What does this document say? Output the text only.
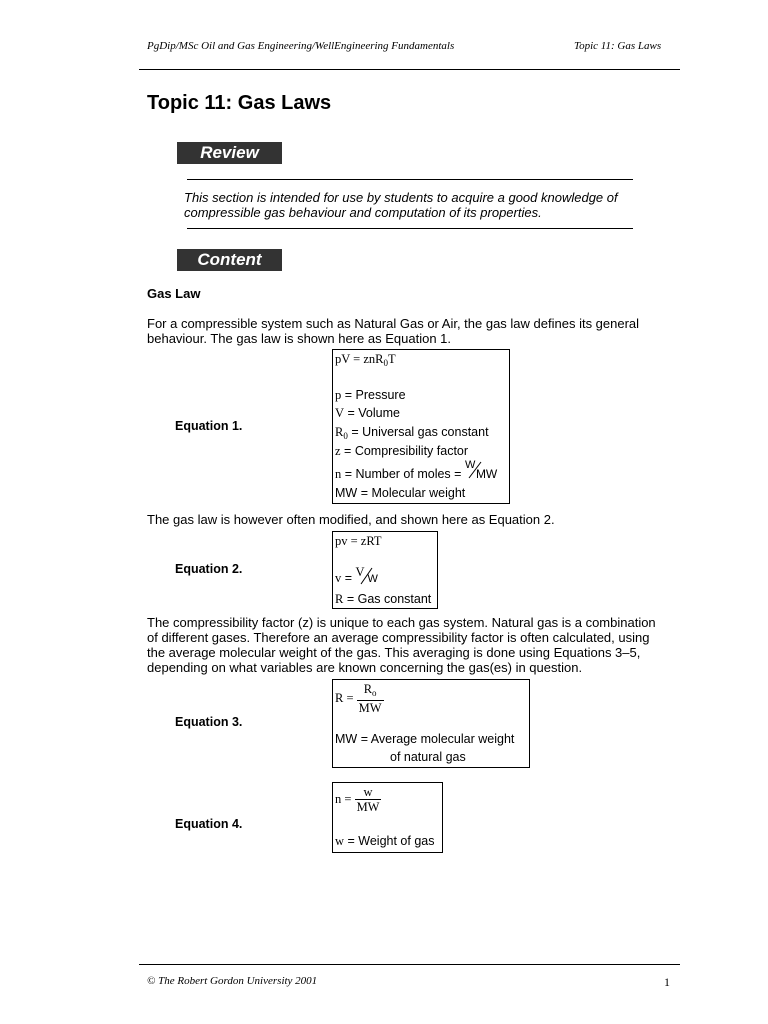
PgDip/MSc Oil and Gas Engineering/WellEngineering Fundamentals	Topic 11: Gas Laws
Topic 11: Gas Laws
Review
This section is intended for use by students to acquire a good knowledge of
compressible gas behaviour and computation of its properties.
Content
Gas Law
For a compressible system such as Natural Gas or Air, the gas law defines its general
behaviour. The gas law is shown here as Equation 1.
Equation 1.
pV = znR$_0$T
p = Pressure
V = Volume
$R_0$ = Universal gas constant
z = Compresibility factor
n = Number of moles =
W
MW
MW = Molecular weight
The gas law is however often modified, and shown here as Equation 2.
Equation 2.
pv = zRT
v = V W
R = Gas constant
The compressibility factor (z) is unique to each gas system. Natural gas is a combination
of different gases. Therefore an average compressibility factor is often calculated, using
the average molecular weight of the gas. This averaging is done using Equations 3–5,
depending on what variables are known concerning the gas(es) in question.
Equation 3.
$R = \frac{R_o}{MW}$
MW = Average molecular weight
of natural gas
Equation 4.
$n = \frac{w}{MW}$
w = Weight of gas
© The Robert Gordon University 2001	1
